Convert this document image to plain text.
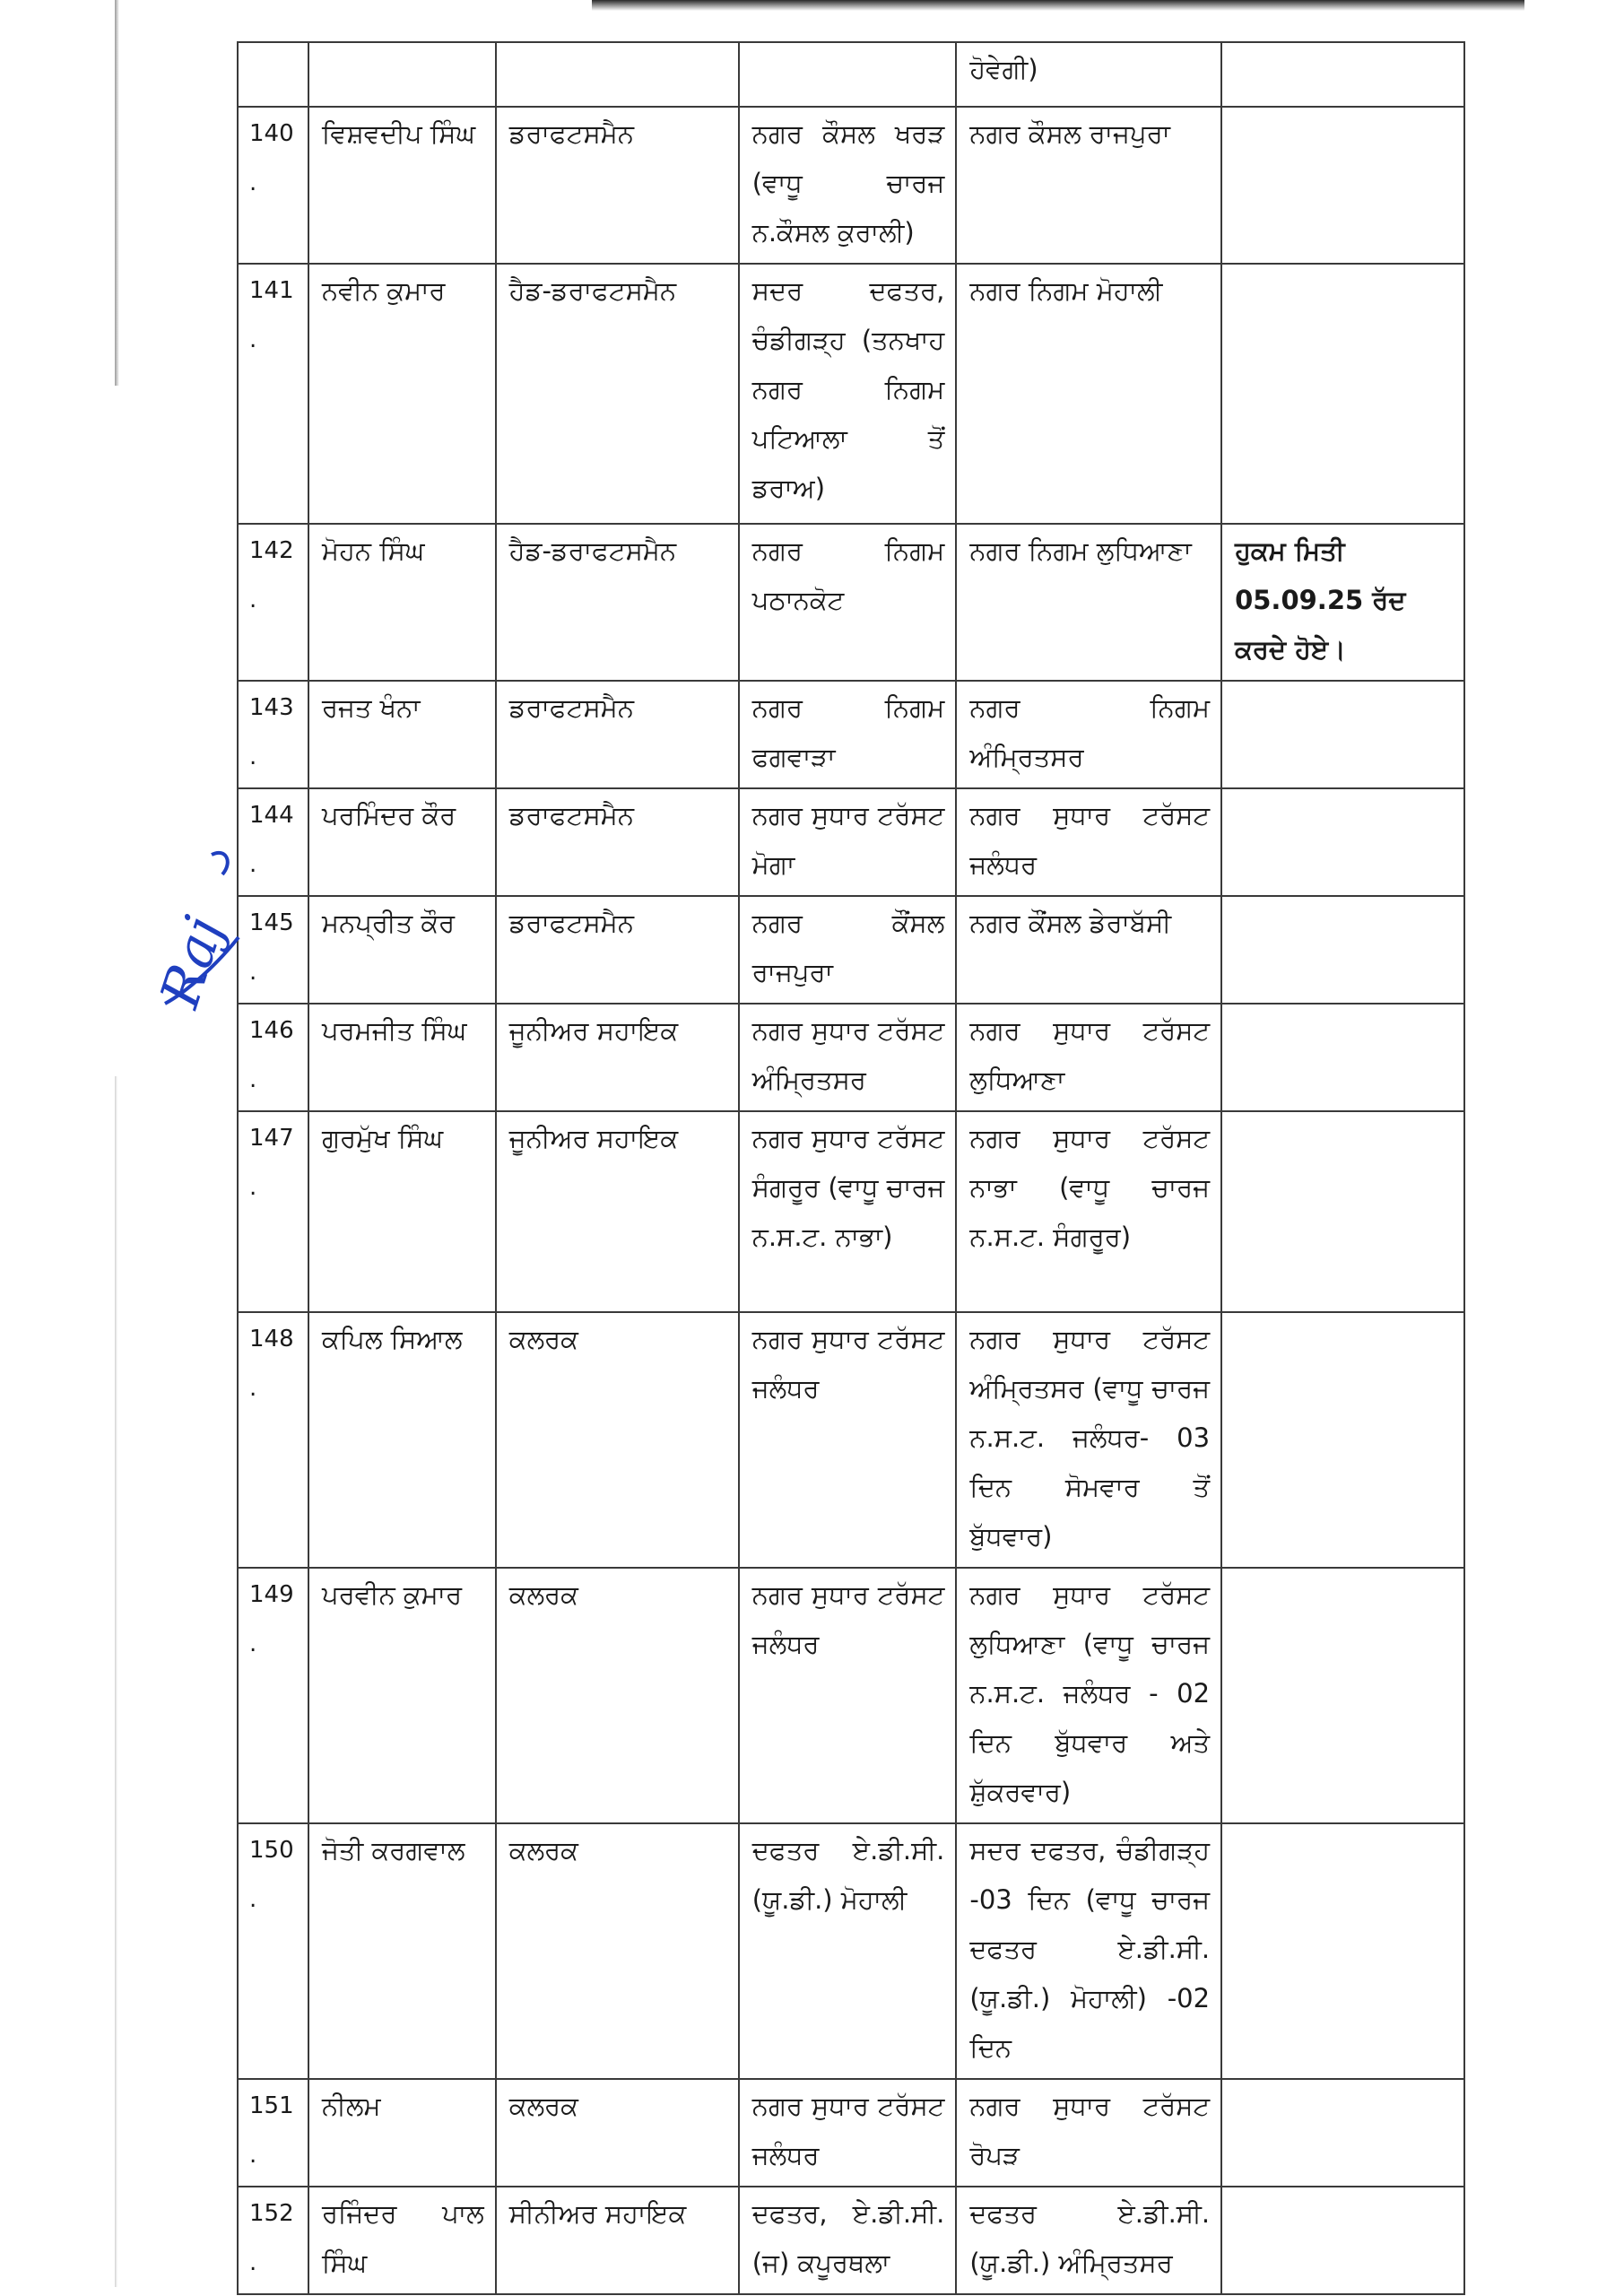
				ਹੋਵੇਗੀ)	
140.	ਵਿਸ਼ਵਦੀਪ ਸਿੰਘ	ਡਰਾਫਟਸਮੈਨ	ਨਗਰ ਕੌਸਲ ਖਰੜ (ਵਾਧੂ ਚਾਰਜ ਨ.ਕੌਸਲ ਕੁਰਾਲੀ)	ਨਗਰ ਕੌਸਲ ਰਾਜਪੁਰਾ	
141.	ਨਵੀਨ ਕੁਮਾਰ	ਹੈਡ-ਡਰਾਫਟਸਮੈਨ	ਸਦਰ ਦਫਤਰ, ਚੰਡੀਗੜ੍ਹ (ਤਨਖਾਹ ਨਗਰ ਨਿਗਮ ਪਟਿਆਲਾ ਤੋਂ ਡਰਾਅ)	ਨਗਰ ਨਿਗਮ ਮੋਹਾਲੀ	
142.	ਮੋਹਨ ਸਿੰਘ	ਹੈਡ-ਡਰਾਫਟਸਮੈਨ	ਨਗਰ ਨਿਗਮ ਪਠਾਨਕੋਟ	ਨਗਰ ਨਿਗਮ ਲੁਧਿਆਣਾ	ਹੁਕਮ ਮਿਤੀ 05.09.25 ਰੱਦ ਕਰਦੇ ਹੋਏ।
143.	ਰਜਤ ਖੰਨਾ	ਡਰਾਫਟਸਮੈਨ	ਨਗਰ ਨਿਗਮ ਫਗਵਾੜਾ	ਨਗਰ ਨਿਗਮ ਅੰਮ੍ਰਿਤਸਰ	
144.	ਪਰਮਿੰਦਰ ਕੌਰ	ਡਰਾਫਟਸਮੈਨ	ਨਗਰ ਸੁਧਾਰ ਟਰੱਸਟ ਮੋਗਾ	ਨਗਰ ਸੁਧਾਰ ਟਰੱਸਟ ਜਲੰਧਰ	
145.	ਮਨਪ੍ਰੀਤ ਕੌਰ	ਡਰਾਫਟਸਮੈਨ	ਨਗਰ ਕੌਂਸਲ ਰਾਜਪੁਰਾ	ਨਗਰ ਕੌਂਸਲ ਡੇਰਾਬੱਸੀ	
146.	ਪਰਮਜੀਤ ਸਿੰਘ	ਜੂਨੀਅਰ ਸਹਾਇਕ	ਨਗਰ ਸੁਧਾਰ ਟਰੱਸਟ ਅੰਮ੍ਰਿਤਸਰ	ਨਗਰ ਸੁਧਾਰ ਟਰੱਸਟ ਲੁਧਿਆਣਾ	
147.	ਗੁਰਮੁੱਖ ਸਿੰਘ	ਜੂਨੀਅਰ ਸਹਾਇਕ	ਨਗਰ ਸੁਧਾਰ ਟਰੱਸਟ ਸੰਗਰੂਰ (ਵਾਧੂ ਚਾਰਜ ਨ.ਸ.ਟ. ਨਾਭਾ)	ਨਗਰ ਸੁਧਾਰ ਟਰੱਸਟ ਨਾਭਾ (ਵਾਧੂ ਚਾਰਜ ਨ.ਸ.ਟ. ਸੰਗਰੂਰ)	
148.	ਕਪਿਲ ਸਿਆਲ	ਕਲਰਕ	ਨਗਰ ਸੁਧਾਰ ਟਰੱਸਟ ਜਲੰਧਰ	ਨਗਰ ਸੁਧਾਰ ਟਰੱਸਟ ਅੰਮ੍ਰਿਤਸਰ (ਵਾਧੂ ਚਾਰਜ ਨ.ਸ.ਟ. ਜਲੰਧਰ- 03 ਦਿਨ ਸੋਮਵਾਰ ਤੋਂ ਬੁੱਧਵਾਰ)	
149.	ਪਰਵੀਨ ਕੁਮਾਰ	ਕਲਰਕ	ਨਗਰ ਸੁਧਾਰ ਟਰੱਸਟ ਜਲੰਧਰ	ਨਗਰ ਸੁਧਾਰ ਟਰੱਸਟ ਲੁਧਿਆਣਾ (ਵਾਧੂ ਚਾਰਜ ਨ.ਸ.ਟ. ਜਲੰਧਰ - 02 ਦਿਨ ਬੁੱਧਵਾਰ ਅਤੇ ਸ਼ੁੱਕਰਵਾਰ)	
150.	ਜੋਤੀ ਕਰਗਵਾਲ	ਕਲਰਕ	ਦਫਤਰ ਏ.ਡੀ.ਸੀ. (ਯੂ.ਡੀ.) ਮੋਹਾਲੀ	ਸਦਰ ਦਫਤਰ, ਚੰਡੀਗੜ੍ਹ -03 ਦਿਨ (ਵਾਧੂ ਚਾਰਜ ਦਫਤਰ ਏ.ਡੀ.ਸੀ. (ਯੂ.ਡੀ.) ਮੋਹਾਲੀ) -02 ਦਿਨ	
151.	ਨੀਲਮ	ਕਲਰਕ	ਨਗਰ ਸੁਧਾਰ ਟਰੱਸਟ ਜਲੰਧਰ	ਨਗਰ ਸੁਧਾਰ ਟਰੱਸਟ ਰੋਪੜ	
152.	ਰਜਿੰਦਰ ਪਾਲ ਸਿੰਘ	ਸੀਨੀਅਰ ਸਹਾਇਕ	ਦਫਤਰ, ਏ.ਡੀ.ਸੀ. (ਜ) ਕਪੂਰਥਲਾ	ਦਫਤਰ ਏ.ਡੀ.ਸੀ. (ਯੂ.ਡੀ.) ਅੰਮ੍ਰਿਤਸਰ	
Raj
